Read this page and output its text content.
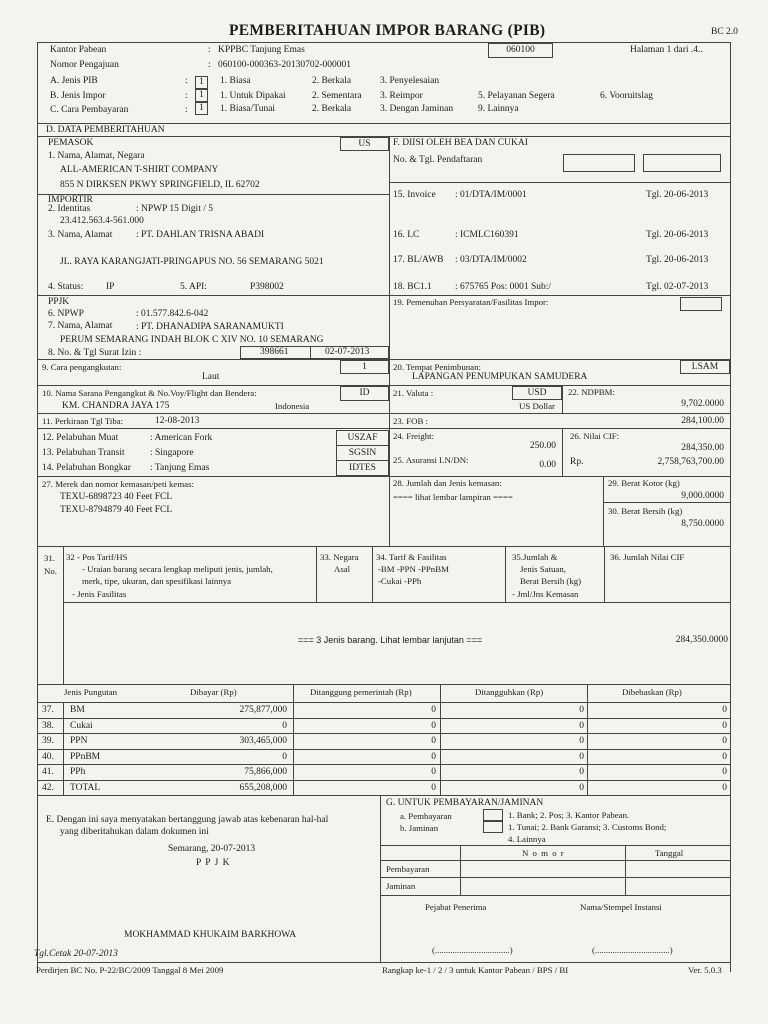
PEMBERITAHUAN IMPOR BARANG (PIB)	BC 2.0
Kantor Pabean	: KPPBC Tanjung Emas	060100	Halaman 1 dari .4..
Nomor Pengajuan	: 060100-000363-20130702-000001
A. Jenis PIB	:	1	1. Biasa	2. Berkala	3. Penyelesaian
B. Jenis Impor	:	1	1. Untuk Dipakai	2. Sementara 3. Reimpor	5. Pelayanan Segera	6. Vooruitslag
C. Cara Pembayaran	:	1	1. Biasa/Tunai	2. Berkala	3. Dengan Jaminan	9. Lainnya
D. DATA PEMBERITAHUAN
PEMASOK	US
1. Nama, Alamat, Negara
ALL-AMERICAN T-SHIRT COMPANY
855 N DIRKSEN PKWY SPRINGFIELD, IL 62702
IMPORTIR
2. Identitas	: NPWP 15 Digit / 5
23.412.563.4-561.000
3. Nama, Alamat : PT. DAHLAN TRISNA ABADI
JL. RAYA KARANGJATI-PRINGAPUS NO. 56 SEMARANG 5021
4. Status: IP	5. API:	P398002
PPJK
6. NPWP	: 01.577.842.6-042
7. Nama, Alamat : PT. DHANADIPA SARANAMUKTI
PERUM SEMARANG INDAH BLOK C XIV NO. 10 SEMARANG
8. No. & Tgl Surat Izin :	398661	02-07-2013
9. Cara pengangkutan:	1
Laut
10. Nama Sarana Pengangkut & No.Voy/Flight dan Bendera:	ID
KM. CHANDRA JAYA 175	Indonesia
11. Perkiraan Tgl Tiba:	12-08-2013
12. Pelabuhan Muat	: American Fork
13. Pelabuhan Transit	: Singapore
14. Pelabuhan Bongkar : Tanjung Emas
USZAF
SGSIN
IDTES
F. DIISI OLEH BEA DAN CUKAI
No. & Tgl. Pendaftaran
15. Invoice : 01/DTA/IM/0001	Tgl. 20-06-2013
16. LC	: ICMLC160391	Tgl. 20-06-2013
17. BL/AWB : 03/DTA/IM/0002	Tgl. 20-06-2013
18. BC1.1 : 675765 Pos: 0001 Sub:/	Tgl. 02-07-2013
19. Pemenuhan Persyaratan/Fasilitas Impor:
20. Tempat Penimbunan:	LSAM
LAPANGAN PENUMPUKAN SAMUDERA
21. Valuta :	USD
US Dollar
22. NDPBM:
9,702.0000
23. FOB :	284,100.00
24. Freight:
250.00
25. Asuransi LN/DN:	0.00
26. Nilai CIF:
284,350.00
Rp.	2,758,763,700.00
27. Merek dan nomor kemasan/peti kemas:
TEXU-6898723 40 Feet FCL
TEXU-8794879 40 Feet FCL
28. Jumlah dan Jenis kemasan:
==== lihat lembar lampiran ====
29. Berat Kotor (kg)
9,000.0000
30. Berat Bersih (kg)
8,750.0000
31.
No.
32 - Pos Tarif/HS
- Uraian barang secara lengkap meliputi jenis, jumlah,
merk, tipe, ukuran, dan spesifikasi lainnya
- Jenis Fasilitas
33. Negara
Asal
34. Tarif & Fasilitas
-BM -PPN -PPnBM
-Cukai -PPh
35.Jumlah &
Jenis Satuan,
Berat Bersih (kg)
- Jml/Jns Kemasan
36. Jumlah Nilai CIF
=== 3 Jenis barang. Lihat lembar lanjutan ===	284,350.0000
Jenis Pungutan	Dibayar (Rp)	Ditanggung pemerintah (Rp)	Ditangguhkan (Rp)	Dibebaskan (Rp)
37. BM	275,877,000	0	0	0
38. Cukai	0	0	0	0
39. PPN	303,465,000	0	0	0
40. PPnBM	0	0	0	0
41. PPh	75,866,000	0	0	0
42. TOTAL	655,208,000	0	0	0
E. Dengan ini saya menyatakan bertanggung jawab atas kebenaran hal-hal
yang diberitahukan dalam dokumen ini
Semarang, 20-07-2013
P P J K
MOKHAMMAD KHUKAIM BARKHOWA
Tgl.Cetak 20-07-2013
G. UNTUK PEMBAYARAN/JAMINAN
a. Pembayaran
b. Jaminan
1. Bank; 2. Pos; 3. Kantor Pabean.
1. Tunai; 2. Bank Garansi; 3. Customs Bond;
4. Lainnya
N o m o r	Tanggal
Pembayaran
Jaminan
Pejabat Penerima	Nama/Stempel Instansi
(..................................)	(..................................)
Perdirjen BC No. P-22/BC/2009 Tanggal 8 Mei 2009	Rangkap ke-1 / 2 / 3 untuk Kantor Pabean / BPS / BI	Ver. 5.0.3
